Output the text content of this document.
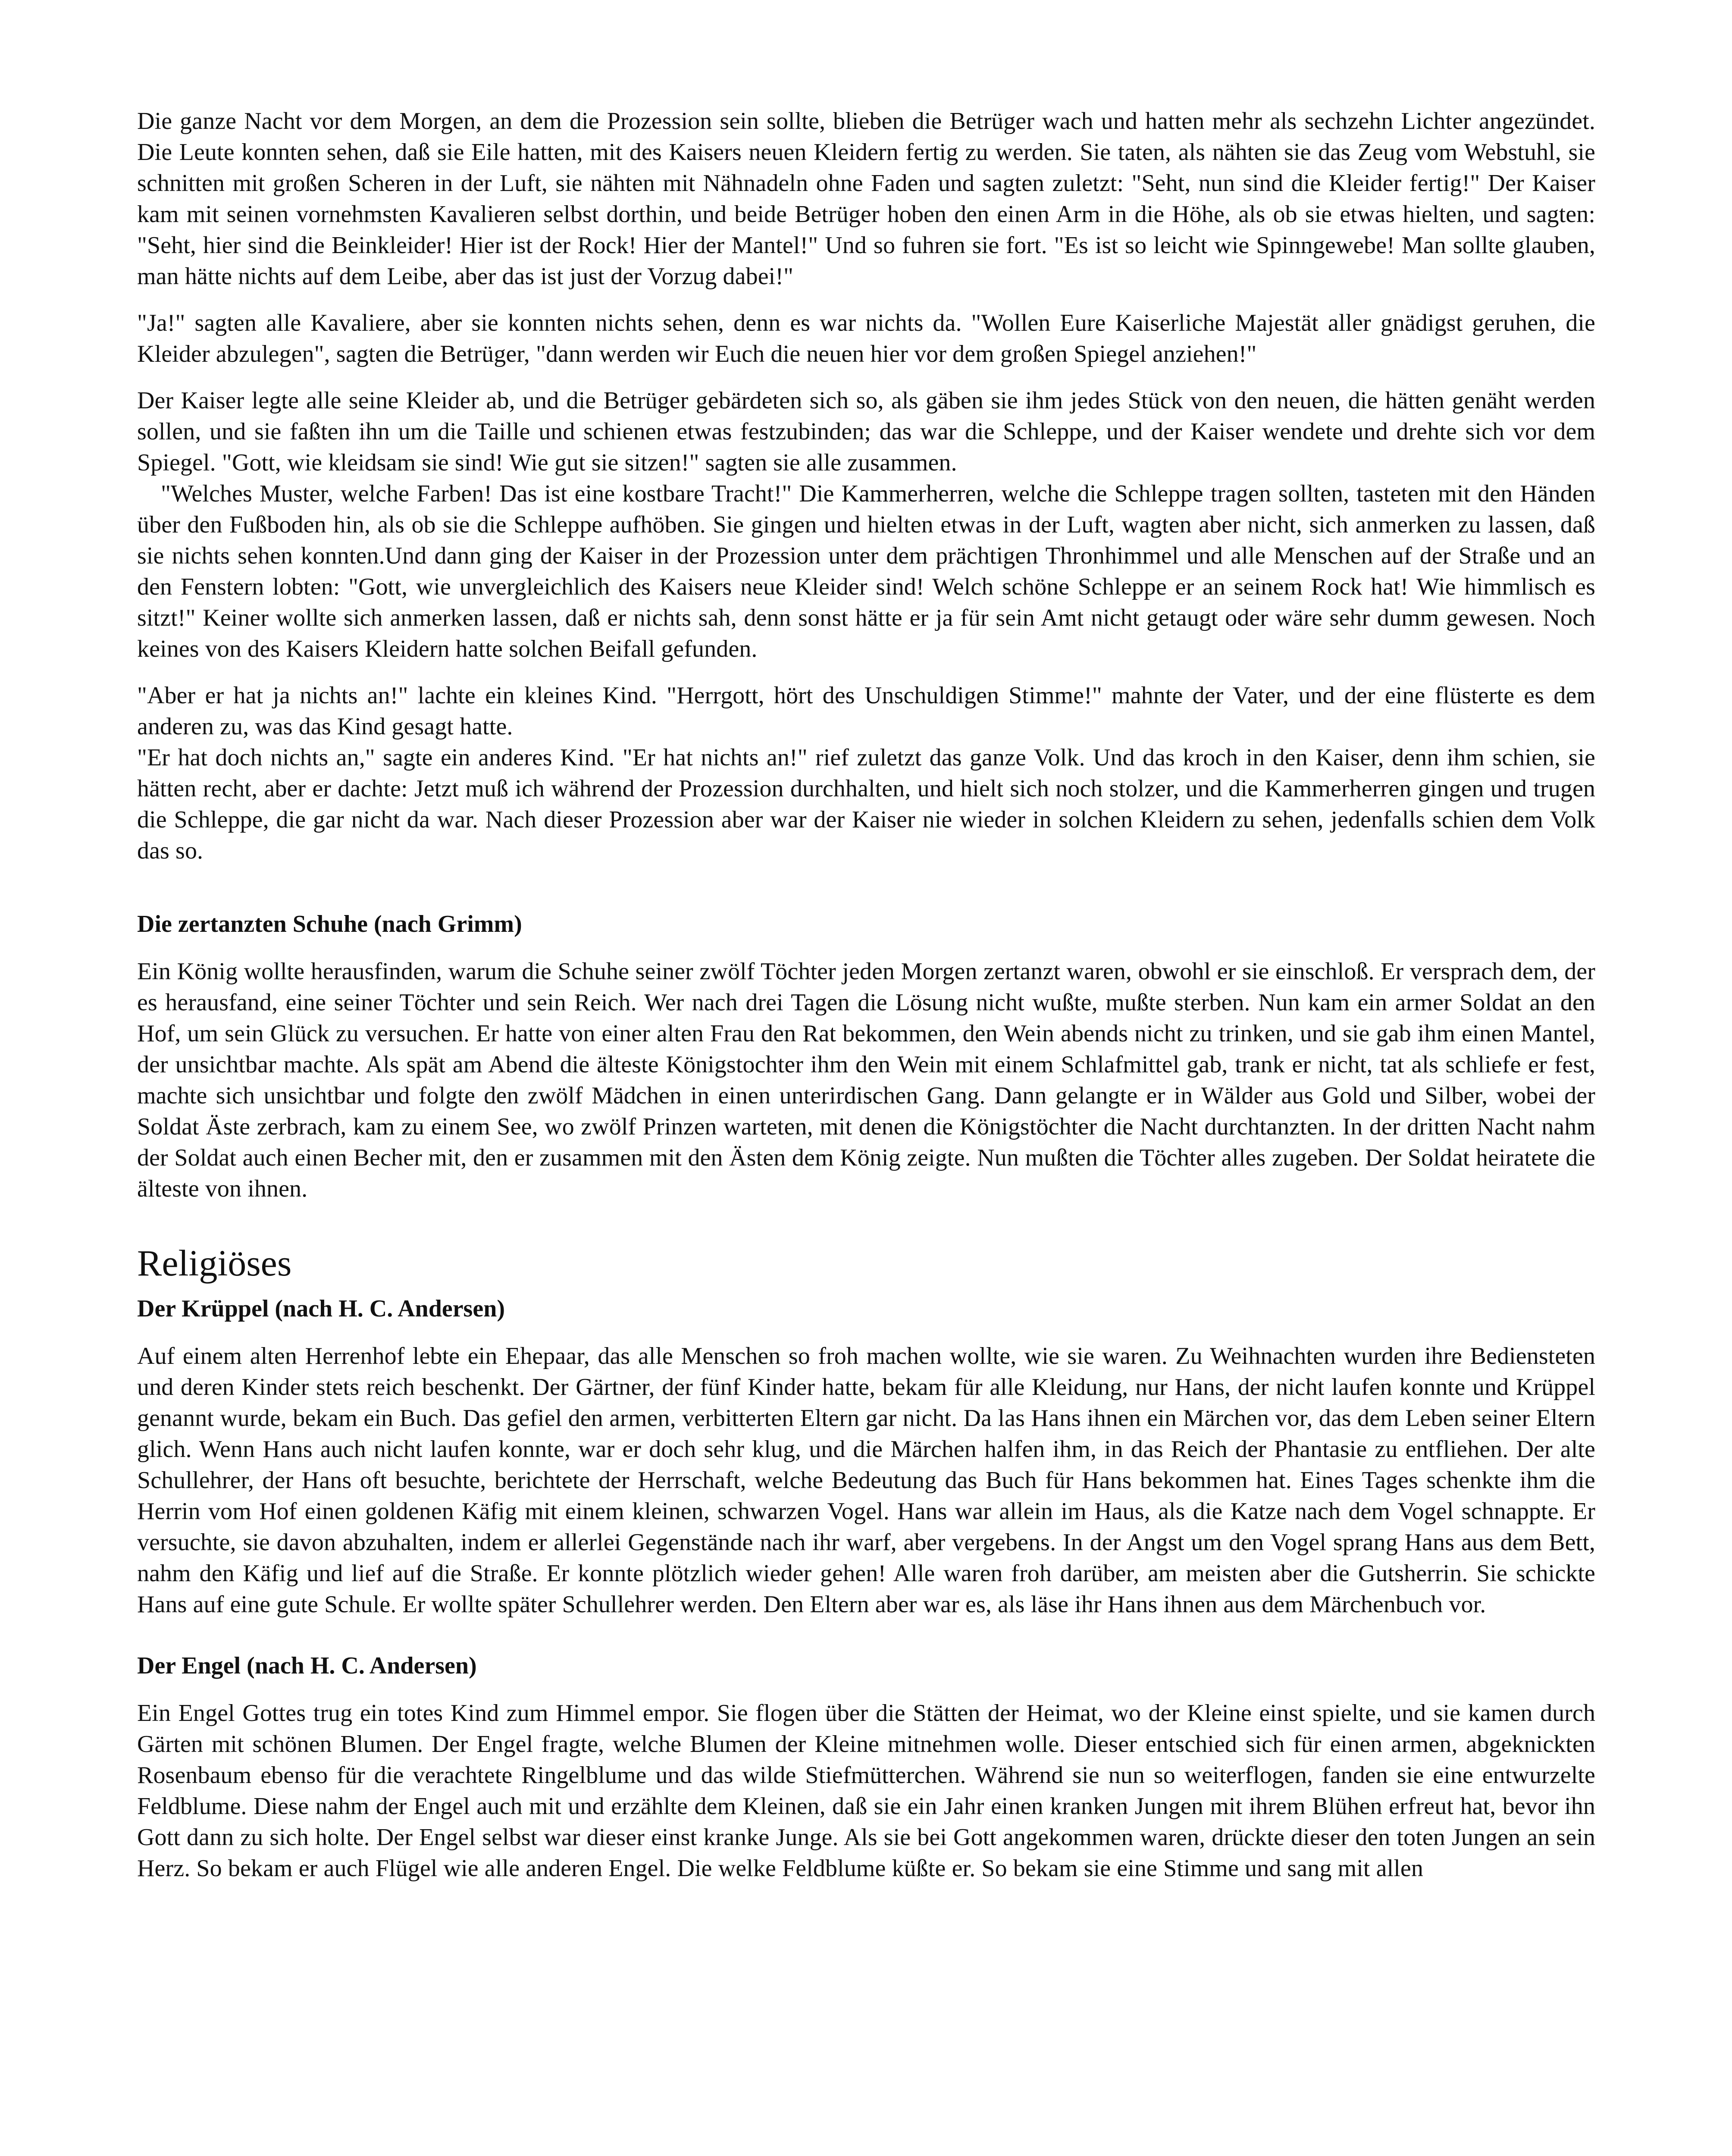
Die ganze Nacht vor dem Morgen, an dem die Prozession sein sollte, blieben die Betrüger wach und hatten mehr als sechzehn Lichter angezündet. Die Leute konnten sehen, daß sie Eile hatten, mit des Kaisers neuen Kleidern fertig zu werden. Sie taten, als nähten sie das Zeug vom Webstuhl, sie schnitten mit großen Scheren in der Luft, sie nähten mit Nähnadeln ohne Faden und sagten zuletzt: "Seht, nun sind die Kleider fertig!" Der Kaiser kam mit seinen vornehmsten Kavalieren selbst dorthin, und beide Betrüger hoben den einen Arm in die Höhe, als ob sie etwas hielten, und sagten: "Seht, hier sind die Beinkleider! Hier ist der Rock! Hier der Mantel!" Und so fuhren sie fort. "Es ist so leicht wie Spinngewebe! Man sollte glauben, man hätte nichts auf dem Leibe, aber das ist just der Vorzug dabei!"

"Ja!" sagten alle Kavaliere, aber sie konnten nichts sehen, denn es war nichts da. "Wollen Eure Kaiserliche Majestät aller gnädigst geruhen, die Kleider abzulegen", sagten die Betrüger, "dann werden wir Euch die neuen hier vor dem großen Spiegel anziehen!"

Der Kaiser legte alle seine Kleider ab, und die Betrüger gebärdeten sich so, als gäben sie ihm jedes Stück von den neuen, die hätten genäht werden sollen, und sie faßten ihn um die Taille und schienen etwas festzubinden; das war die Schleppe, und der Kaiser wendete und drehte sich vor dem Spiegel. "Gott, wie kleidsam sie sind! Wie gut sie sitzen!" sagten sie alle zusammen.

"Welches Muster, welche Farben! Das ist eine kostbare Tracht!" Die Kammerherren, welche die Schleppe tragen sollten, tasteten mit den Händen über den Fußboden hin, als ob sie die Schleppe aufhöben. Sie gingen und hielten etwas in der Luft, wagten aber nicht, sich anmerken zu lassen, daß sie nichts sehen konnten.Und dann ging der Kaiser in der Prozession unter dem prächtigen Thronhimmel und alle Menschen auf der Straße und an den Fenstern lobten: "Gott, wie unvergleichlich des Kaisers neue Kleider sind! Welch schöne Schleppe er an seinem Rock hat! Wie himmlisch es sitzt!" Keiner wollte sich anmerken lassen, daß er nichts sah, denn sonst hätte er ja für sein Amt nicht getaugt oder wäre sehr dumm gewesen. Noch keines von des Kaisers Kleidern hatte solchen Beifall gefunden.

"Aber er hat ja nichts an!" lachte ein kleines Kind. "Herrgott, hört des Unschuldigen Stimme!" mahnte der Vater, und der eine flüsterte es dem anderen zu, was das Kind gesagt hatte.

"Er hat doch nichts an," sagte ein anderes Kind. "Er hat nichts an!" rief zuletzt das ganze Volk. Und das kroch in den Kaiser, denn ihm schien, sie hätten recht, aber er dachte: Jetzt muß ich während der Prozession durchhalten, und hielt sich noch stolzer, und die Kammerherren gingen und trugen die Schleppe, die gar nicht da war. Nach dieser Prozession aber war der Kaiser nie wieder in solchen Kleidern zu sehen, jedenfalls schien dem Volk das so.

Die zertanzten Schuhe (nach Grimm)

Ein König wollte herausfinden, warum die Schuhe seiner zwölf Töchter jeden Morgen zertanzt waren, obwohl er sie einschloß. Er versprach dem, der es herausfand, eine seiner Töchter und sein Reich. Wer nach drei Tagen die Lösung nicht wußte, mußte sterben. Nun kam ein armer Soldat an den Hof, um sein Glück zu versuchen. Er hatte von einer alten Frau den Rat bekommen, den Wein abends nicht zu trinken, und sie gab ihm einen Mantel, der unsichtbar machte. Als spät am Abend die älteste Königstochter ihm den Wein mit einem Schlafmittel gab, trank er nicht, tat als schliefe er fest, machte sich unsichtbar und folgte den zwölf Mädchen in einen unterirdischen Gang. Dann gelangte er in Wälder aus Gold und Silber, wobei der Soldat Äste zerbrach, kam zu einem See, wo zwölf Prinzen warteten, mit denen die Königstöchter die Nacht durchtanzten. In der dritten Nacht nahm der Soldat auch einen Becher mit, den er zusammen mit den Ästen dem König zeigte. Nun mußten die Töchter alles zugeben. Der Soldat heiratete die älteste von ihnen.

Religiöses
Der Krüppel (nach H. C. Andersen)

Auf einem alten Herrenhof lebte ein Ehepaar, das alle Menschen so froh machen wollte, wie sie waren. Zu Weihnachten wurden ihre Bediensteten und deren Kinder stets reich beschenkt. Der Gärtner, der fünf Kinder hatte, bekam für alle Kleidung, nur Hans, der nicht laufen konnte und Krüppel genannt wurde, bekam ein Buch. Das gefiel den armen, verbitterten Eltern gar nicht. Da las Hans ihnen ein Märchen vor, das dem Leben seiner Eltern glich. Wenn Hans auch nicht laufen konnte, war er doch sehr klug, und die Märchen halfen ihm, in das Reich der Phantasie zu entfliehen. Der alte Schullehrer, der Hans oft besuchte, berichtete der Herrschaft, welche Bedeutung das Buch für Hans bekommen hat. Eines Tages schenkte ihm die Herrin vom Hof einen goldenen Käfig mit einem kleinen, schwarzen Vogel. Hans war allein im Haus, als die Katze nach dem Vogel schnappte. Er versuchte, sie davon abzuhalten, indem er allerlei Gegenstände nach ihr warf, aber vergebens. In der Angst um den Vogel sprang Hans aus dem Bett, nahm den Käfig und lief auf die Straße. Er konnte plötzlich wieder gehen! Alle waren froh darüber, am meisten aber die Gutsherrin. Sie schickte Hans auf eine gute Schule. Er wollte später Schullehrer werden. Den Eltern aber war es, als läse ihr Hans ihnen aus dem Märchenbuch vor.

Der Engel (nach H. C. Andersen)

Ein Engel Gottes trug ein totes Kind zum Himmel empor. Sie flogen über die Stätten der Heimat, wo der Kleine einst spielte, und sie kamen durch Gärten mit schönen Blumen. Der Engel fragte, welche Blumen der Kleine mitnehmen wolle. Dieser entschied sich für einen armen, abgeknickten Rosenbaum ebenso für die verachtete Ringelblume und das wilde Stiefmütterchen. Während sie nun so weiterflogen, fanden sie eine entwurzelte Feldblume. Diese nahm der Engel auch mit und erzählte dem Kleinen, daß sie ein Jahr einen kranken Jungen mit ihrem Blühen erfreut hat, bevor ihn Gott dann zu sich holte. Der Engel selbst war dieser einst kranke Junge. Als sie bei Gott angekommen waren, drückte dieser den toten Jungen an sein Herz. So bekam er auch Flügel wie alle anderen Engel. Die welke Feldblume küßte er. So bekam sie eine Stimme und sang mit allen
